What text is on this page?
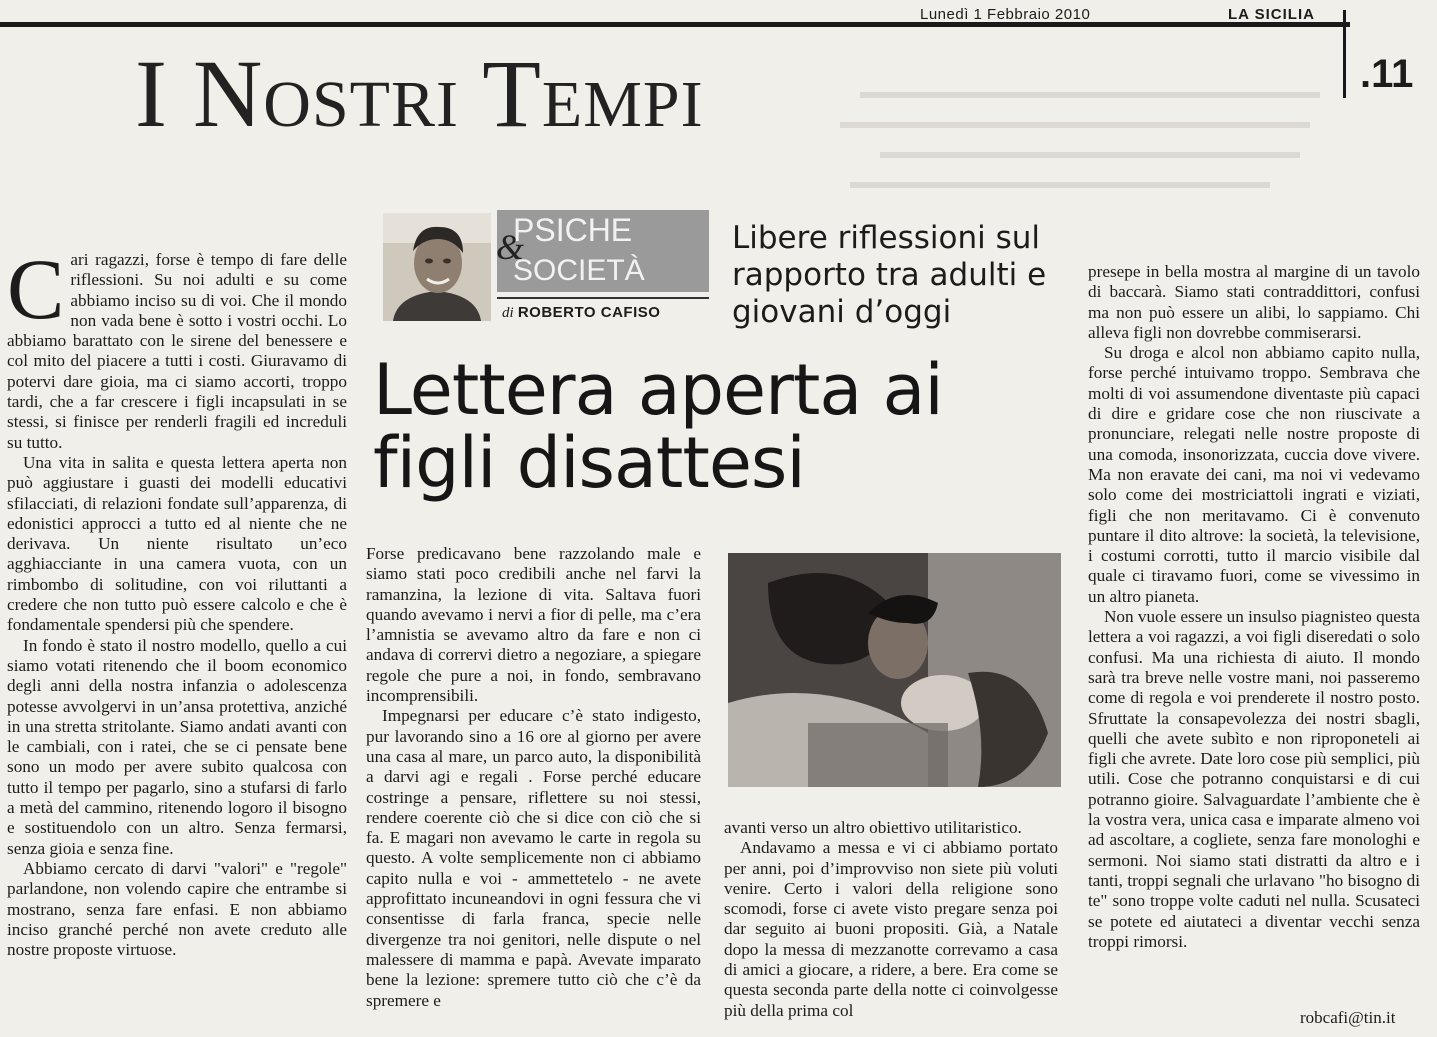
Lunedì 1 Febbraio 2010	LA SICILIA
.11
I NOSTRI TEMPI
PSICHE
SOCIETÀ
&
di ROBERTO CAFISO
Libere riflessioni sul rapporto tra adulti e giovani d’oggi
Lettera aperta ai figli disattesi

Cari ragazzi, forse è tempo di fare delle riflessioni. Su noi adulti e su come abbiamo inciso su di voi. Che il mondo non vada bene è sotto i vostri occhi. Lo abbiamo barattato con le sirene del benessere e col mito del piacere a tutti i costi. Giuravamo di potervi dare gioia, ma ci siamo accorti, troppo tardi, che a far crescere i figli incapsulati in se stessi, si finisce per renderli fragili ed increduli su tutto.

Una vita in salita e questa lettera aperta non può aggiustare i guasti dei modelli educativi sfilacciati, di relazioni fondate sull’apparenza, di edonistici approcci a tutto ed al niente che ne derivava. Un niente risultato un’eco agghiacciante in una camera vuota, con un rimbombo di solitudine, con voi riluttanti a credere che non tutto può essere calcolo e che è fondamentale spendersi più che spendere.

In fondo è stato il nostro modello, quello a cui siamo votati ritenendo che il boom economico degli anni della nostra infanzia o adolescenza potesse avvolgervi in un’ansa protettiva, anziché in una stretta stritolante. Siamo andati avanti con le cambiali, con i ratei, che se ci pensate bene sono un modo per avere subito qualcosa con tutto il tempo per pagarlo, sino a stufarsi di farlo a metà del cammino, ritenendo logoro il bisogno e sostituendolo con un altro. Senza fermarsi, senza gioia e senza fine.

Abbiamo cercato di darvi "valori" e "regole" parlandone, non volendo capire che entrambe si mostrano, senza fare enfasi. E non abbiamo inciso granché perché non avete creduto alle nostre proposte virtuose.

Forse predicavano bene razzolando male e siamo stati poco credibili anche nel farvi la ramanzina, la lezione di vita. Saltava fuori quando avevamo i nervi a fior di pelle, ma c’era l’amnistia se avevamo altro da fare e non ci andava di corrervi dietro a negoziare, a spiegare regole che pure a noi, in fondo, sembravano incomprensibili.

Impegnarsi per educare c’è stato indigesto, pur lavorando sino a 16 ore al giorno per avere una casa al mare, un parco auto, la disponibilità a darvi agi e regali . Forse perché educare costringe a pensare, riflettere su noi stessi, rendere coerente ciò che si dice con ciò che si fa. E magari non avevamo le carte in regola su questo. A volte semplicemente non ci abbiamo capito nulla e voi - ammettetelo - ne avete approfittato incuneandovi in ogni fessura che vi consentisse di farla franca, specie nelle divergenze tra noi genitori, nelle dispute o nel malessere di mamma e papà. Avevate imparato bene la lezione: spremere tutto ciò che c’è da spremere e

avanti verso un altro obiettivo utilitaristico.

Andavamo a messa e vi ci abbiamo portato per anni, poi d’improvviso non siete più voluti venire. Certo i valori della religione sono scomodi, forse ci avete visto pregare senza poi dar seguito ai buoni propositi. Già, a Natale dopo la messa di mezzanotte correvamo a casa di amici a giocare, a ridere, a bere. Era come se questa seconda parte della notte ci coinvolgesse più della prima col

presepe in bella mostra al margine di un tavolo di baccarà. Siamo stati contraddittori, confusi ma non può essere un alibi, lo sappiamo. Chi alleva figli non dovrebbe commiserarsi.

Su droga e alcol non abbiamo capito nulla, forse perché intuivamo troppo. Sembrava che molti di voi assumendone diventaste più capaci di dire e gridare cose che non riuscivate a pronunciare, relegati nelle nostre proposte di una comoda, insonorizzata, cuccia dove vivere. Ma non eravate dei cani, ma noi vi vedevamo solo come dei mostriciattoli ingrati e viziati, figli che non meritavamo. Ci è convenuto puntare il dito altrove: la società, la televisione, i costumi corrotti, tutto il marcio visibile dal quale ci tiravamo fuori, come se vivessimo in un altro pianeta.

Non vuole essere un insulso piagnisteo questa lettera a voi ragazzi, a voi figli diseredati o solo confusi. Ma una richiesta di aiuto. Il mondo sarà tra breve nelle vostre mani, noi passeremo come di regola e voi prenderete il nostro posto. Sfruttate la consapevolezza dei nostri sbagli, quelli che avete subìto e non riproponeteli ai figli che avrete. Date loro cose più semplici, più utili. Cose che potranno conquistarsi e di cui potranno gioire. Salvaguardate l’ambiente che è la vostra vera, unica casa e imparate almeno voi ad ascoltare, a cogliete, senza fare monologhi e sermoni. Noi siamo stati distratti da altro e i tanti, troppi segnali che urlavano "ho bisogno di te" sono troppe volte caduti nel nulla. Scusateci se potete ed aiutateci a diventar vecchi senza troppi rimorsi.

robcafi@tin.it
